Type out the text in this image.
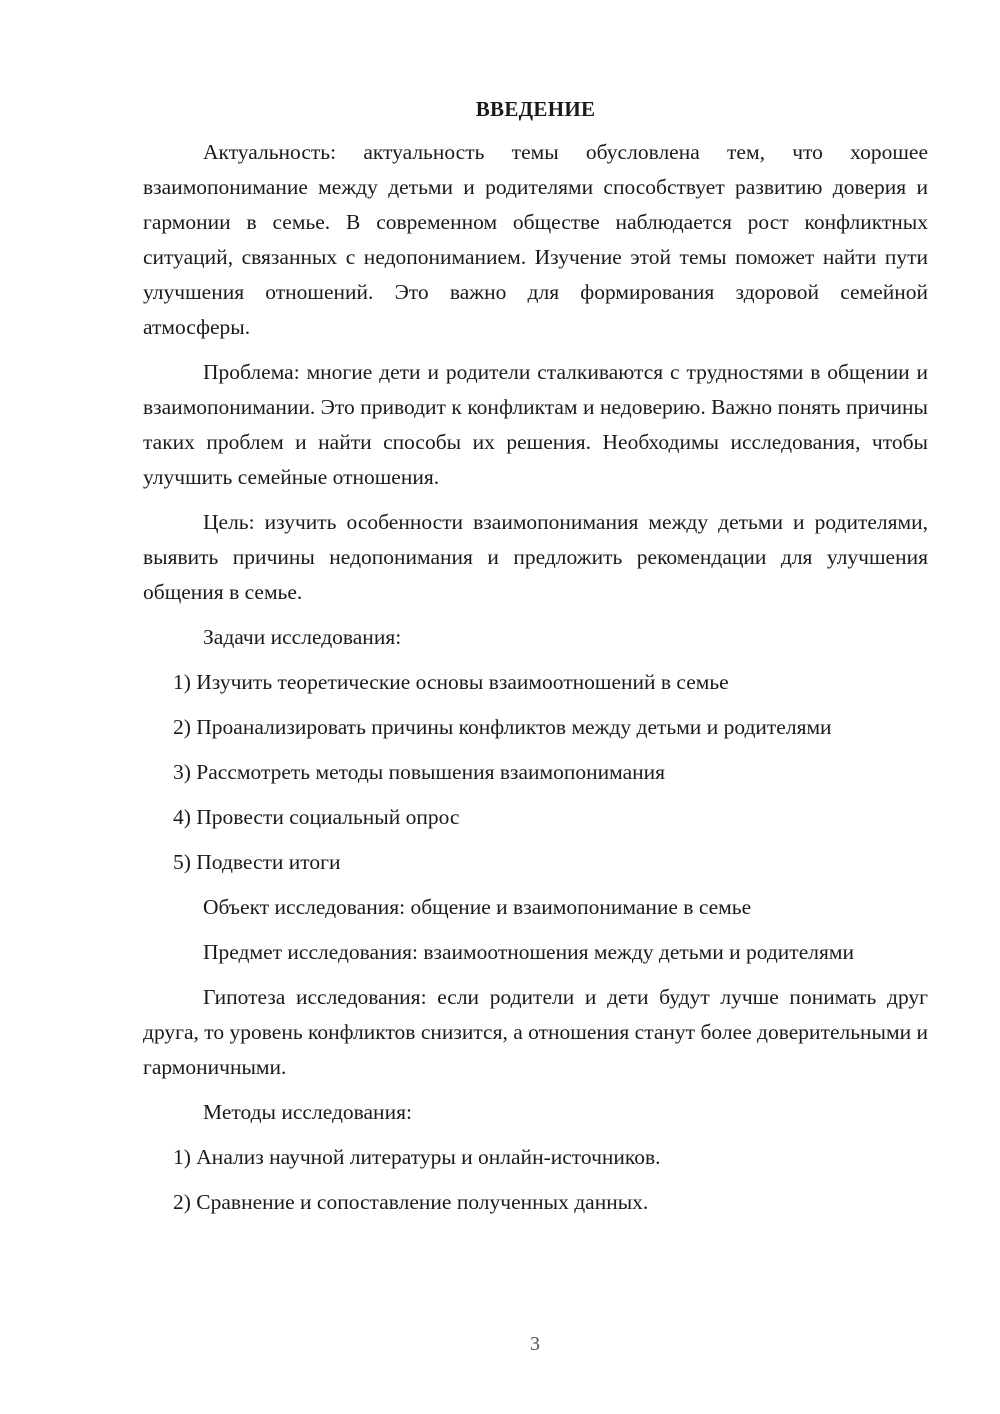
ВВЕДЕНИЕ

Актуальность: актуальность темы обусловлена тем, что хорошее взаимопонимание между детьми и родителями способствует развитию доверия и гармонии в семье. В современном обществе наблюдается рост конфликтных ситуаций, связанных с недопониманием. Изучение этой темы поможет найти пути улучшения отношений. Это важно для формирования здоровой семейной атмосферы.

Проблема: многие дети и родители сталкиваются с трудностями в общении и взаимопонимании. Это приводит к конфликтам и недоверию. Важно понять причины таких проблем и найти способы их решения. Необходимы исследования, чтобы улучшить семейные отношения.

Цель: изучить особенности взаимопонимания между детьми и родителями, выявить причины недопонимания и предложить рекомендации для улучшения общения в семье.

Задачи исследования:

1) Изучить теоретические основы взаимоотношений в семье

2) Проанализировать причины конфликтов между детьми и родителями

3) Рассмотреть методы повышения взаимопонимания

4) Провести социальный опрос

5) Подвести итоги

Объект исследования: общение и взаимопонимание в семье

Предмет исследования: взаимоотношения между детьми и родителями

Гипотеза исследования: если родители и дети будут лучше понимать друг друга, то уровень конфликтов снизится, а отношения станут более доверительными и гармоничными.

Методы исследования:

1) Анализ научной литературы и онлайн-источников.

2) Сравнение и сопоставление полученных данных.

3
